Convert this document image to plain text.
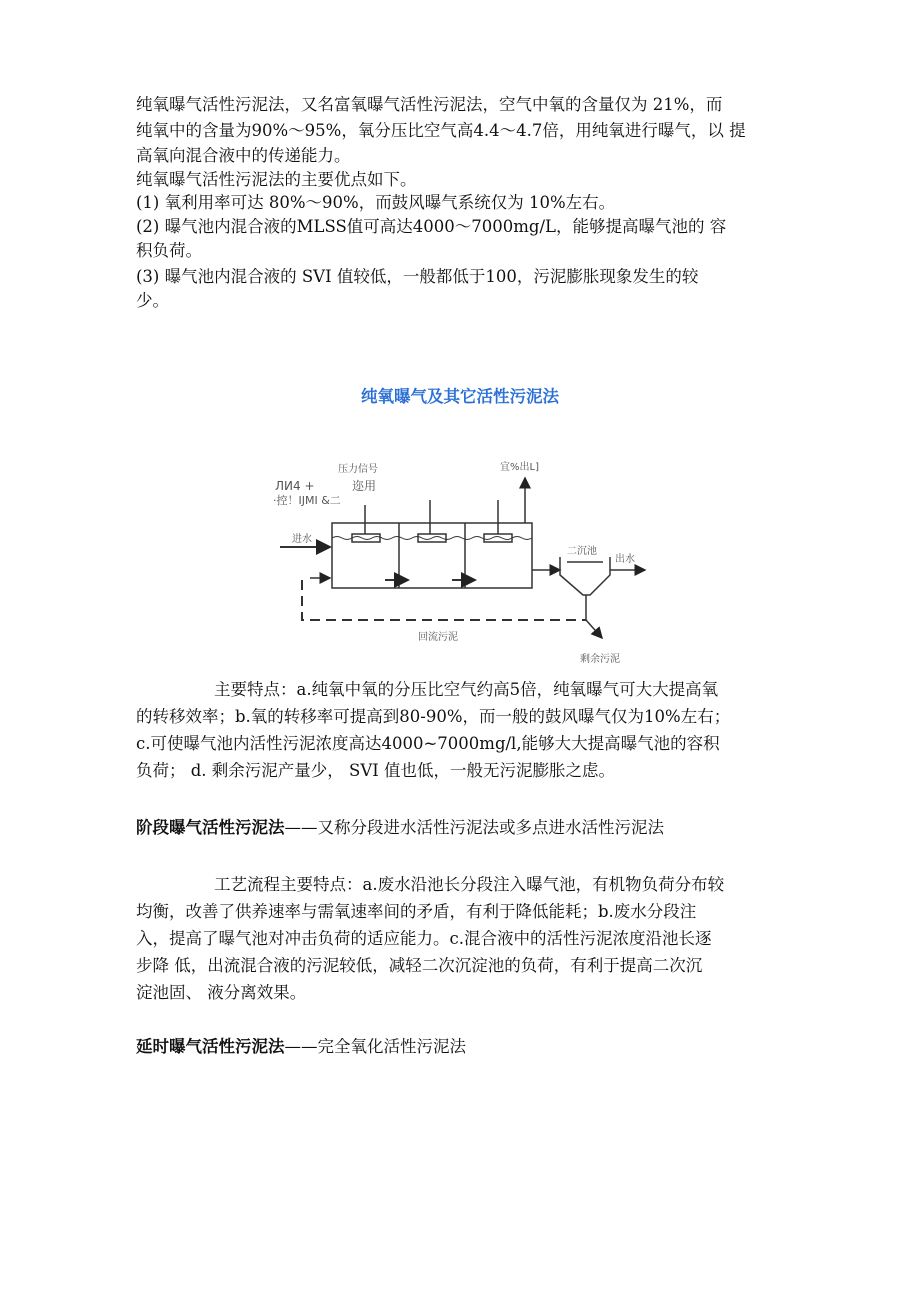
纯氧曝气活性污泥法，又名富氧曝气活性污泥法，空气中氧的含量仅为 21%，而
纯氧中的含量为90%～95%，氧分压比空气高4.4～4.7倍，用纯氧进行曝气，以 提
高氧向混合液中的传递能力。
纯氧曝气活性污泥法的主要优点如下。
(1) 氧利用率可达 80%～90%，而鼓风曝气系统仅为 10%左右。
(2) 曝气池内混合液的MLSS值可高达4000～7000mg/L，能够提高曝气池的 容
积负荷。
(3) 曝气池内混合液的 SVI 值较低，一般都低于100，污泥膨胀现象发生的较
少。
纯氧曝气及其它活性污泥法
压力信号
ЛИ4 +	迩用
·控！IJMI &二
宜%出L]
进水
二沉池
出水
回流污泥
剩余污泥
主要特点：a.纯氧中氧的分压比空气约高5倍，纯氧曝气可大大提高氧
的转移效率；b.氧的转移率可提高到80-90%，而一般的鼓风曝气仅为10%左右；
c.可使曝气池内活性污泥浓度高达4000~7000mg/l,能够大大提高曝气池的容积
负荷； d. 剩余污泥产量少， SVI 值也低，一般无污泥膨胀之虑。
阶段曝气活性污泥法——又称分段进水活性污泥法或多点进水活性污泥法
工艺流程主要特点：a.废水沿池长分段注入曝气池，有机物负荷分布较
均衡，改善了供养速率与需氧速率间的矛盾，有利于降低能耗；b.废水分段注
入，提高了曝气池对冲击负荷的适应能力。c.混合液中的活性污泥浓度沿池长逐
步降 低，出流混合液的污泥较低，减轻二次沉淀池的负荷，有利于提高二次沉
淀池固、 液分离效果。
延时曝气活性污泥法——完全氧化活性污泥法
